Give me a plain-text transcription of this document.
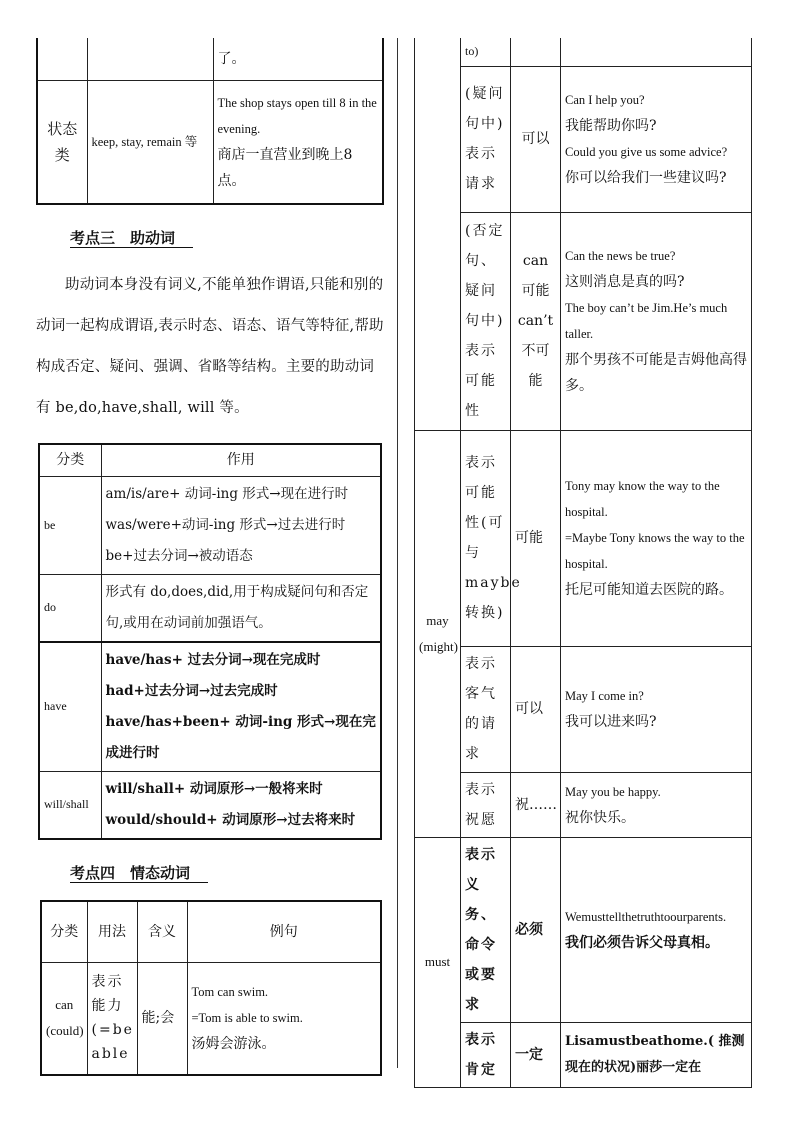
		了。
状态类	keep, stay, remain 等	The shop stays open till 8 in the evening.
商店一直营业到晚上8点。
考点三　助动词
助动词本身没有词义,不能单独作谓语,只能和别的动词一起构成谓语,表示时态、语态、语气等特征,帮助构成否定、疑问、强调、省略等结构。主要的助动词有 be,do,have,shall, will 等。
分类	作用
be	am/is/are+ 动词-ing 形式→现在进行时
was/were+动词-ing 形式→过去进行时
be+过去分词→被动语态

do	形式有 do,does,did,用于构成疑问句和否定句,或用在动词前加强语气。

have	have/has+ 过去分词→现在完成时
had+过去分词→过去完成时
have/has+been+ 动词-ing 形式→现在完成进行时

will/shall	will/shall+ 动词原形→一般将来时
would/should+ 动词原形→过去将来时
考点四　情态动词
分类	用法	含义	例句
can (could)	表示能力 (=be able	能;会	Tom can swim.
=Tom is able to swim.
汤姆会游泳。
	to)		
	(疑问句中)表示请求	可以	Can I help you?
我能帮助你吗?
Could you give us some advice?
你可以给我们一些建议吗?

	(否定句、疑问句中)表示可能性	can 可能 can’t 不可能	Can the news be true?
这则消息是真的吗?
The boy can’t be Jim.He’s much taller.
那个男孩不可能是吉姆他高得多。

may (might)	表示可能性(可与maybe 转换)	可能	Tony may know the way to the hospital.
=Maybe Tony knows the way to the hospital.
托尼可能知道去医院的路。

	表示客气的请求	可以	May I come in?
我可以进来吗?

	表示祝愿	祝……	May you be happy.
祝你快乐。

must	表示义务、命令或要求	必须	Wemusttellthetruthtoourparents.
我们必须告诉父母真相。

	表示肯定	一定	Lisamustbeathome.( 推测现在的状况)丽莎一定在
